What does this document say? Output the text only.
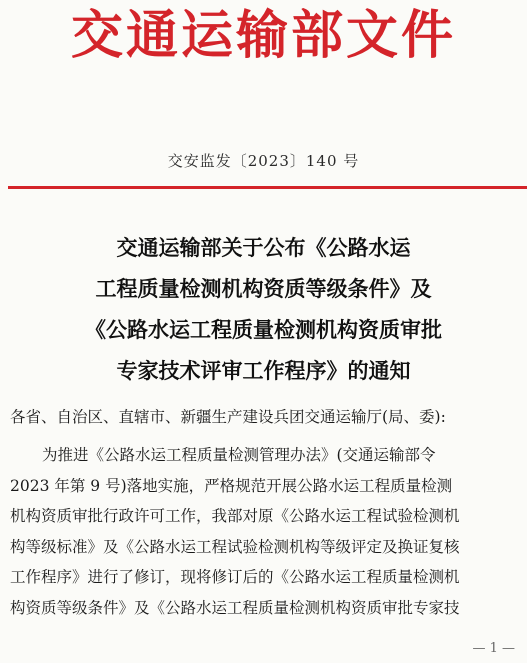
交通运输部文件
交安监发〔2023〕140 号
交通运输部关于公布《公路水运
工程质量检测机构资质等级条件》及
《公路水运工程质量检测机构资质审批
专家技术评审工作程序》的通知
各省、自治区、直辖市、新疆生产建设兵团交通运输厅(局、委):
为推进《公路水运工程质量检测管理办法》(交通运输部令
2023 年第 9 号)落地实施，严格规范开展公路水运工程质量检测
机构资质审批行政许可工作，我部对原《公路水运工程试验检测机
构等级标准》及《公路水运工程试验检测机构等级评定及换证复核
工作程序》进行了修订，现将修订后的《公路水运工程质量检测机
构资质等级条件》及《公路水运工程质量检测机构资质审批专家技
— 1 —
